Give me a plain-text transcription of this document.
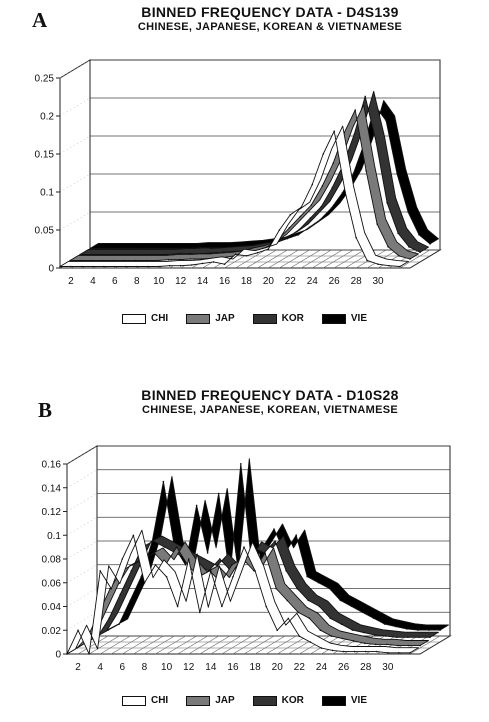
A	BINNED FREQUENCY DATA - D4S139
CHINESE, JAPANESE, KOREAN & VIETNAMESE
0
0.05
0.1
0.15
0.2
0.25
2 4 6 8 10 12 14 16 18 20 22 24 26 28 30
CHI	JAP	KOR	VIE
B
BINNED FREQUENCY DATA - D10S28
CHINESE, JAPANESE, KOREAN, VIETNAMESE
0
0.02
0.04
0.06
0.08
0.1
0.12
0.14
0.16
2 4 6 8 10 12 14 16 18 20 22 24 26 28 30
CHI	JAP	KOR	VIE
